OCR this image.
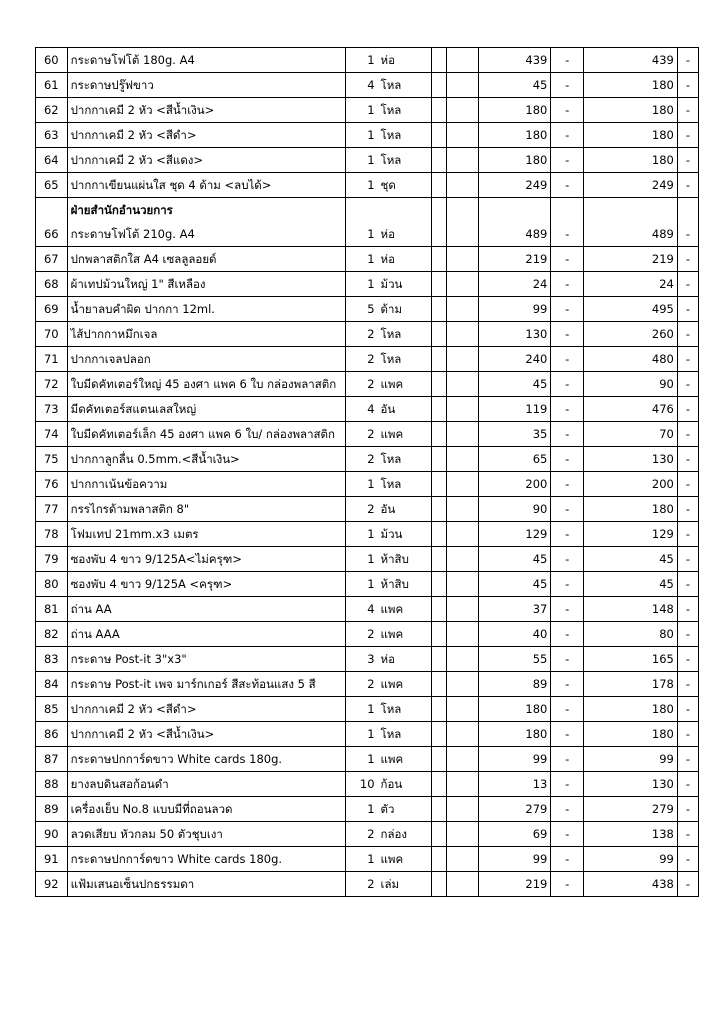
60	กระดาษโฟโต้ 180g. A4	1	ห่อ			439	-	439	-
61	กระดาษปรู๊ฟขาว	4	โหล			45	-	180	-
62	ปากกาเคมี 2 หัว <สีน้ำเงิน>	1	โหล			180	-	180	-
63	ปากกาเคมี 2 หัว <สีดำ>	1	โหล			180	-	180	-
64	ปากกาเคมี 2 หัว <สีแดง>	1	โหล			180	-	180	-
65	ปากกาเขียนแผ่นใส ชุด 4 ด้าม <ลบได้>	1	ชุด			249	-	249	-
	ฝ่ายสำนักอำนวยการ								
66	กระดาษโฟโต้ 210g. A4	1	ห่อ			489	-	489	-
67	ปกพลาสติกใส A4 เซลลูลอยด์	1	ห่อ			219	-	219	-
68	ผ้าเทปม้วนใหญ่ 1" สีเหลือง	1	ม้วน			24	-	24	-
69	น้ำยาลบคำผิด ปากกา 12ml.	5	ด้าม			99	-	495	-
70	ไส้ปากกาหมึกเจล	2	โหล			130	-	260	-
71	ปากกาเจลปลอก	2	โหล			240	-	480	-
72	ใบมีดคัทเตอร์ใหญ่ 45 องศา แพค 6 ใบ กล่องพลาสติก	2	แพค			45	-	90	-
73	มีดคัทเตอร์สแตนเลสใหญ่	4	อัน			119	-	476	-
74	ใบมีดคัทเตอร์เล็ก 45 องศา แพค 6 ใบ/ กล่องพลาสติก	2	แพค			35	-	70	-
75	ปากกาลูกลื่น 0.5mm.<สีน้ำเงิน>	2	โหล			65	-	130	-
76	ปากกาเน้นข้อความ	1	โหล			200	-	200	-
77	กรรไกรด้ามพลาสติก 8"	2	อัน			90	-	180	-
78	โฟมเทป 21mm.x3 เมตร	1	ม้วน			129	-	129	-
79	ซองพับ 4 ขาว 9/125A<ไม่ครุฑ>	1	ห้าสิบ			45	-	45	-
80	ซองพับ 4 ขาว 9/125A <ครุฑ>	1	ห้าสิบ			45	-	45	-
81	ถ่าน AA	4	แพค			37	-	148	-
82	ถ่าน AAA	2	แพค			40	-	80	-
83	กระดาษ Post-it 3"x3"	3	ห่อ			55	-	165	-
84	กระดาษ Post-it เพจ มาร์กเกอร์ สีสะท้อนแสง 5 สี	2	แพค			89	-	178	-
85	ปากกาเคมี 2 หัว <สีดำ>	1	โหล			180	-	180	-
86	ปากกาเคมี 2 หัว <สีน้ำเงิน>	1	โหล			180	-	180	-
87	กระดาษปกการ์ดขาว White cards 180g.	1	แพค			99	-	99	-
88	ยางลบดินสอก้อนดำ	10	ก้อน			13	-	130	-
89	เครื่องเย็บ No.8 แบบมีที่ถอนลวด	1	ตัว			279	-	279	-
90	ลวดเสียบ หัวกลม 50 ตัวชุบเงา	2	กล่อง			69	-	138	-
91	กระดาษปกการ์ดขาว White cards 180g.	1	แพค			99	-	99	-
92	แฟ้มเสนอเซ็นปกธรรมดา	2	เล่ม			219	-	438	-
